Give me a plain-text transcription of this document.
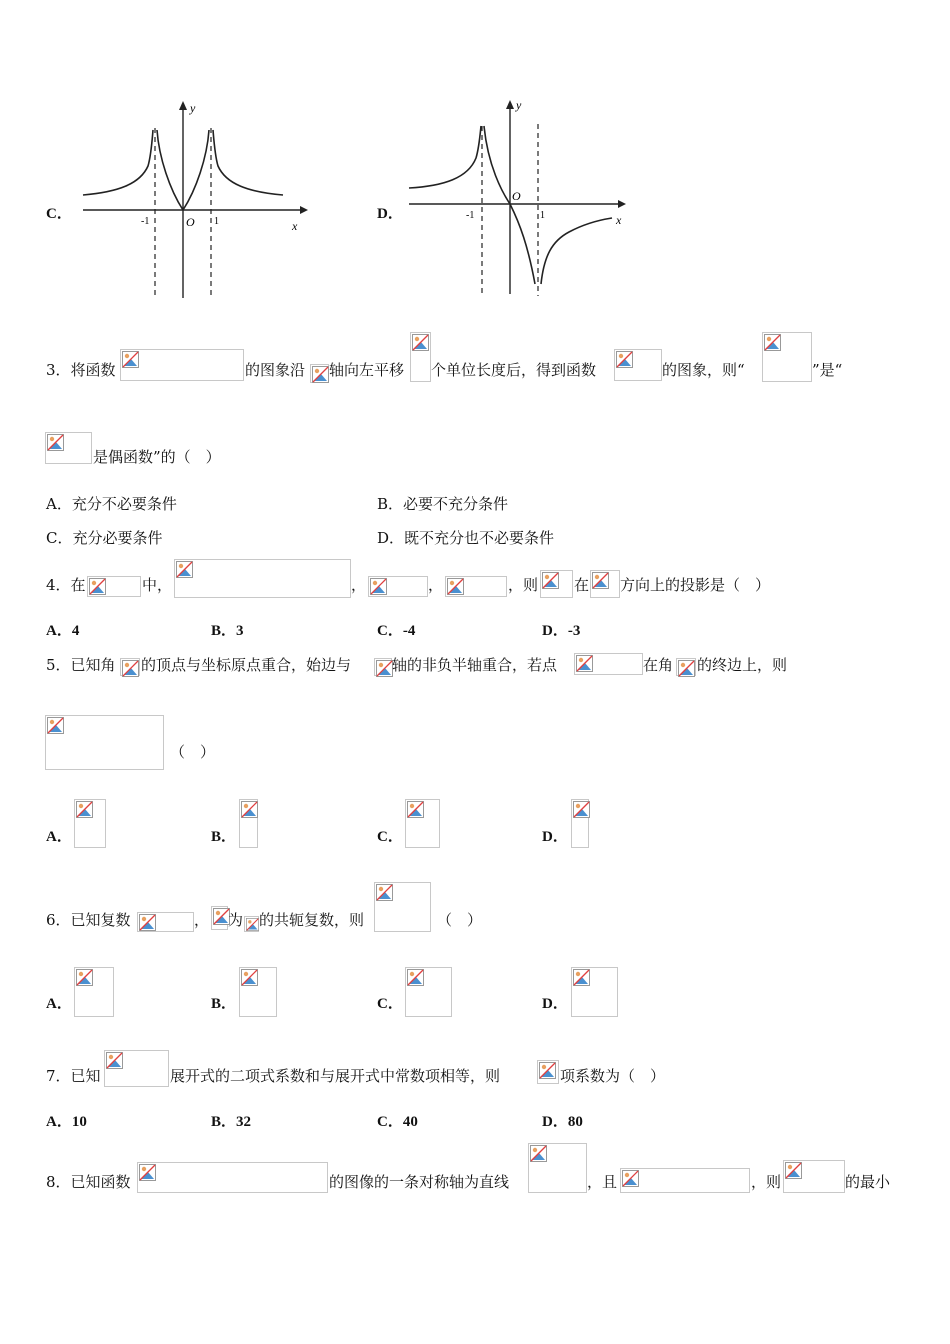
C．
y
x
O
-1	1	D．
y
x
O
-1	1
3．将函数	的图象沿 轴向左平移 个单位长度后，得到函数	的图象，则“	”是“
是偶函数”的（　）
A．充分不必要条件	B．必要不充分条件
C．充分必要条件	D．既不充分也不必要条件
4．在	中，	，	，	，则 在 方向上的投影是（　）
A．4	B．3	C．-4	D．-3
5．已知角 的顶点与坐标原点重合，始边与	轴的非负半轴重合，若点	在角 的终边上，则
（　）
A．	B．	C．	D．
6．已知复数	， 为 的共轭复数，则	（　）
A．	B．	C．	D．
7．已知	展开式的二项式系数和与展开式中常数项相等，则	项系数为（　）
A．10	B．32	C．40	D．80
8．已知函数	的图像的一条对称轴为直线	，且	，则	的最小
